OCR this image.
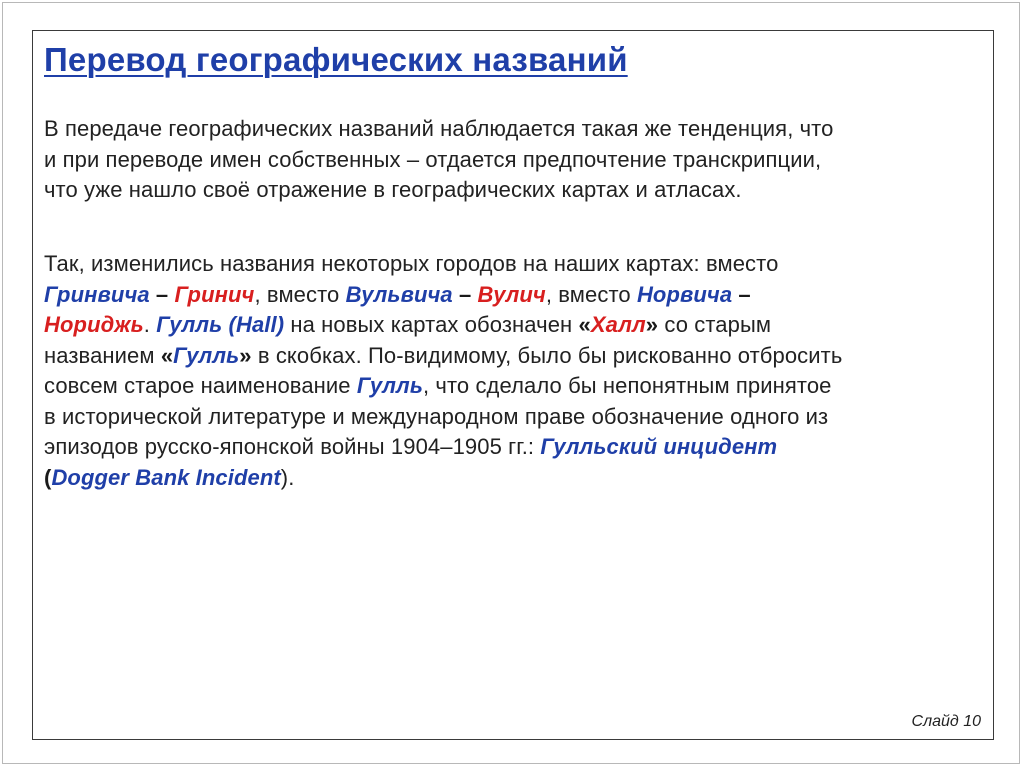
Перевод географических названий
В передаче географических названий наблюдается такая же тенденция, что
и при переводе имен собственных – отдается предпочтение транскрипции,
что уже нашло своё отражение в географических картах и атласах.
Так, изменились названия некоторых городов на наших картах: вместо
Гринвича – Гринич, вместо Вульвича – Вулич, вместо Норвича –
Нориджь. Гулль (Hall) на новых картах обозначен «Халл» со старым
названием «Гулль» в скобках. По-видимому, было бы рискованно отбросить
совсем старое наименование Гулль, что сделало бы непонятным принятое
в исторической литературе и международном праве обозначение одного из
эпизодов русско-японской войны 1904–1905 гг.: Гулльский инцидент
(Dogger Bank Incident).
Слайд 10
